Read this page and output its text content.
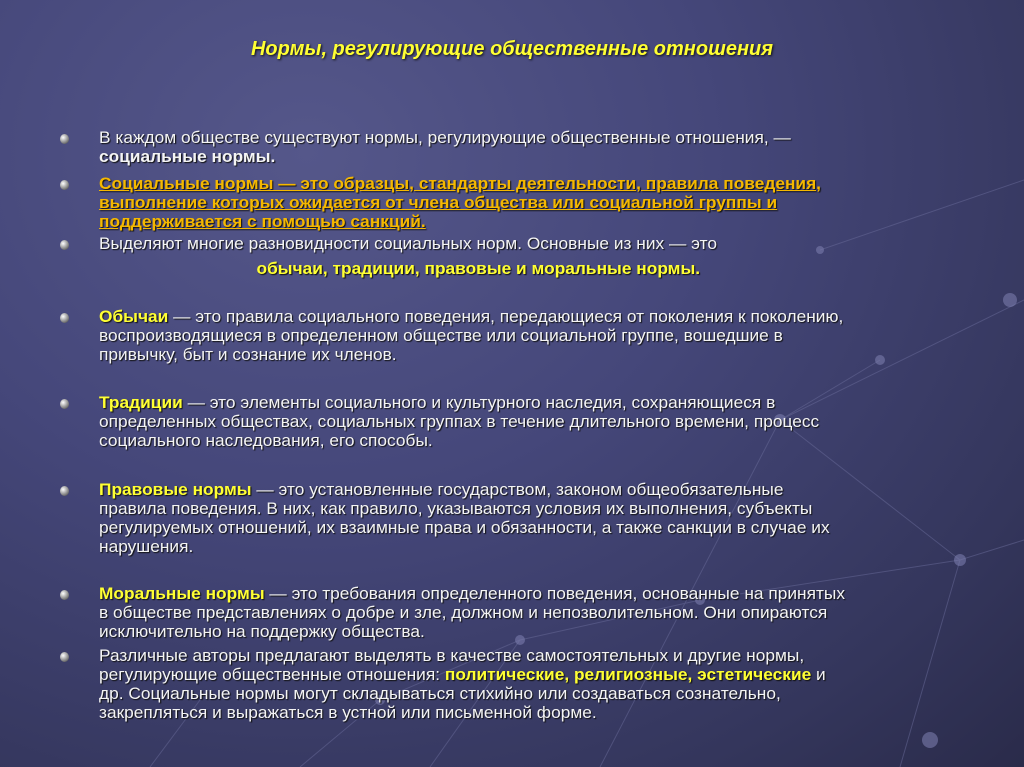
Нормы, регулирующие общественные отношения

В каждом обществе существуют нормы, регулирующие общественные отношения, —
социальные нормы.

Социальные нормы — это образцы, стандарты деятельности, правила поведения,
выполнение которых ожидается от члена общества или социальной группы и
поддерживается с помощью санкций.

Выделяют многие разновидности социальных норм. Основные из них — это
обычаи, традиции, правовые и моральные нормы.

Обычаи — это правила социального поведения, передающиеся от поколения к поколению,
воспроизводящиеся в определенном обществе или социальной группе, вошедшие в
привычку, быт и сознание их членов.

Традиции — это элементы социального и культурного наследия, сохраняющиеся в
определенных обществах, социальных группах в течение длительного времени, процесс
социального наследования, его способы.

Правовые нормы — это установленные государством, законом общеобязательные
правила поведения. В них, как правило, указываются условия их выполнения, субъекты
регулируемых отношений, их взаимные права и обязанности, а также санкции в случае их
нарушения.

Моральные нормы — это требования определенного поведения, основанные на принятых
в обществе представлениях о добре и зле, должном и непозволительном. Они опираются
исключительно на поддержку общества.

Различные авторы предлагают выделять в качестве самостоятельных и другие нормы,
регулирующие общественные отношения: политические, религиозные, эстетические и
др. Социальные нормы могут складываться стихийно или создаваться сознательно,
закрепляться и выражаться в устной или письменной форме.
